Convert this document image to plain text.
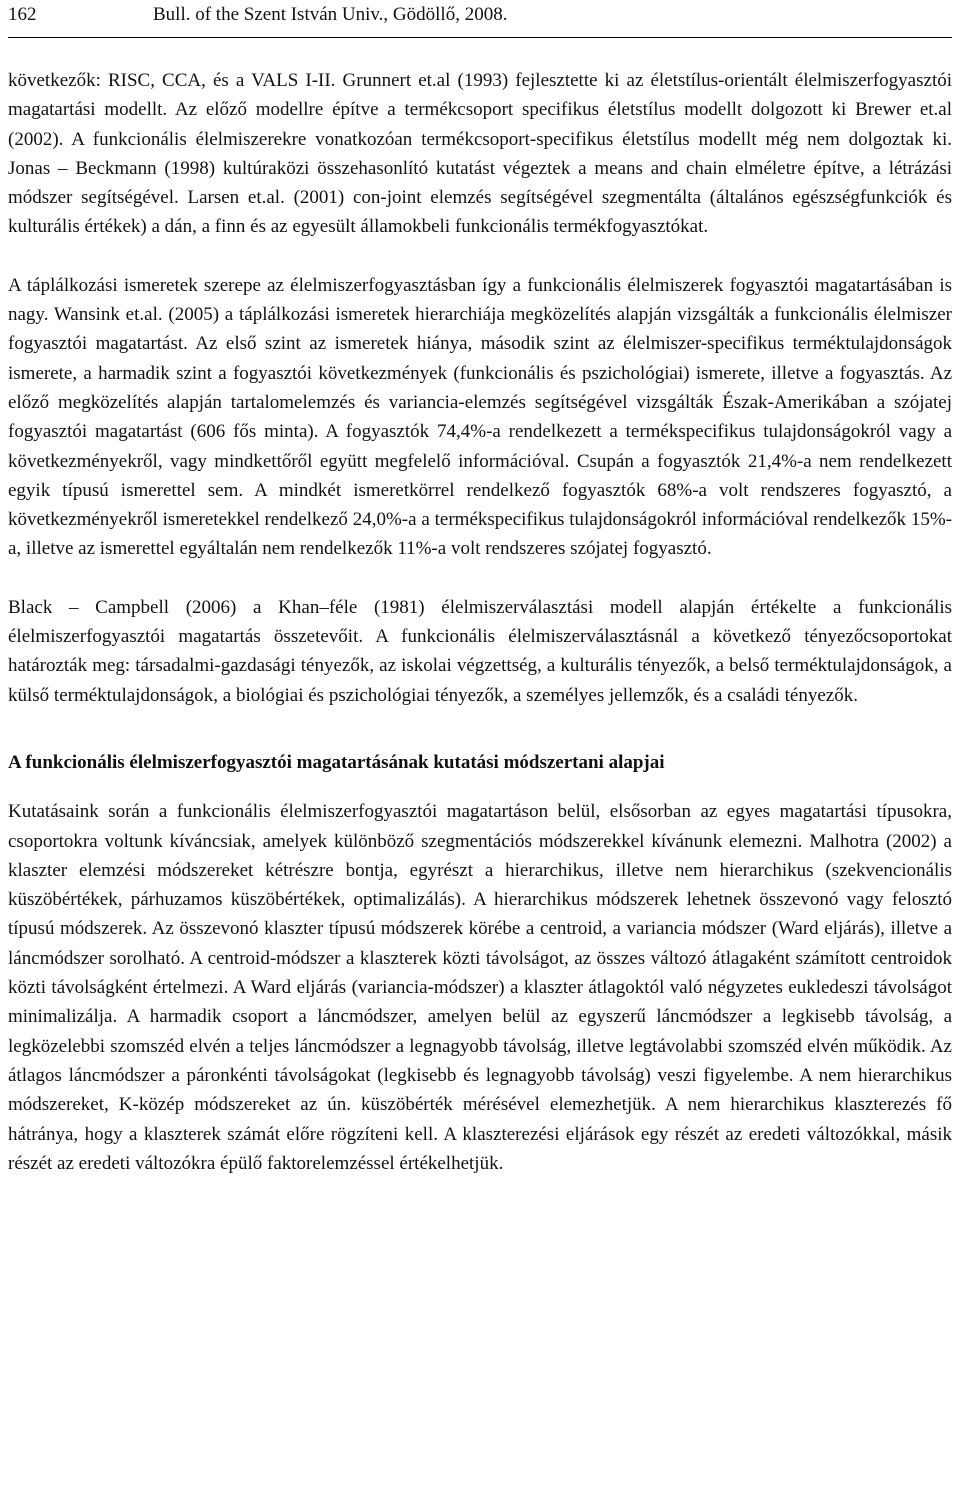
162	Bull. of the Szent István Univ., Gödöllő, 2008.

következők: RISC, CCA, és a VALS I-II. Grunnert et.al (1993) fejlesztette ki az életstílus-orientált élelmiszerfogyasztói magatartási modellt. Az előző modellre építve a termékcsoport specifikus életstílus modellt dolgozott ki Brewer et.al (2002). A funkcionális élelmiszerekre vonatkozóan termékcsoport-specifikus életstílus modellt még nem dolgoztak ki. Jonas – Beckmann (1998) kultúraközi összehasonlító kutatást végeztek a means and chain elméletre építve, a létrázási módszer segítségével. Larsen et.al. (2001) con-joint elemzés segítségével szegmentálta (általános egészségfunkciók és kulturális értékek) a dán, a finn és az egyesült államokbeli funkcionális termékfogyasztókat.

A táplálkozási ismeretek szerepe az élelmiszerfogyasztásban így a funkcionális élelmiszerek fogyasztói magatartásában is nagy. Wansink et.al. (2005) a táplálkozási ismeretek hierarchiája megközelítés alapján vizsgálták a funkcionális élelmiszer fogyasztói magatartást. Az első szint az ismeretek hiánya, második szint az élelmiszer-specifikus terméktulajdonságok ismerete, a harmadik szint a fogyasztói következmények (funkcionális és pszichológiai) ismerete, illetve a fogyasztás. Az előző megközelítés alapján tartalomelemzés és variancia-elemzés segítségével vizsgálták Észak-Amerikában a szójatej fogyasztói magatartást (606 fős minta). A fogyasztók 74,4%-a rendelkezett a termékspecifikus tulajdonságokról vagy a következményekről, vagy mindkettőről együtt megfelelő információval. Csupán a fogyasztók 21,4%-a nem rendelkezett egyik típusú ismerettel sem. A mindkét ismeretkörrel rendelkező fogyasztók 68%-a volt rendszeres fogyasztó, a következményekről ismeretekkel rendelkező 24,0%-a a termékspecifikus tulajdonságokról információval rendelkezők 15%-a, illetve az ismerettel egyáltalán nem rendelkezők 11%-a volt rendszeres szójatej fogyasztó.

Black – Campbell (2006) a Khan–féle (1981) élelmiszerválasztási modell alapján értékelte a funkcionális élelmiszerfogyasztói magatartás összetevőit. A funkcionális élelmiszerválasztásnál a következő tényezőcsoportokat határozták meg: társadalmi-gazdasági tényezők, az iskolai végzettség, a kulturális tényezők, a belső terméktulajdonságok, a külső terméktulajdonságok, a biológiai és pszichológiai tényezők, a személyes jellemzők, és a családi tényezők.

A funkcionális élelmiszerfogyasztói magatartásának kutatási módszertani alapjai

Kutatásaink során a funkcionális élelmiszerfogyasztói magatartáson belül, elsősorban az egyes magatartási típusokra, csoportokra voltunk kíváncsiak, amelyek különböző szegmentációs módszerekkel kívánunk elemezni. Malhotra (2002) a klaszter elemzési módszereket kétrészre bontja, egyrészt a hierarchikus, illetve nem hierarchikus (szekvencionális küszöbértékek, párhuzamos küszöbértékek, optimalizálás). A hierarchikus módszerek lehetnek összevonó vagy felosztó típusú módszerek. Az összevonó klaszter típusú módszerek körébe a centroid, a variancia módszer (Ward eljárás), illetve a láncmódszer sorolható. A centroid-módszer a klaszterek közti távolságot, az összes változó átlagaként számított centroidok közti távolságként értelmezi. A Ward eljárás (variancia-módszer) a klaszter átlagoktól való négyzetes eukledeszi távolságot minimalizálja. A harmadik csoport a láncmódszer, amelyen belül az egyszerű láncmódszer a legkisebb távolság, a legközelebbi szomszéd elvén a teljes láncmódszer a legnagyobb távolság, illetve legtávolabbi szomszéd elvén működik. Az átlagos láncmódszer a páronkénti távolságokat (legkisebb és legnagyobb távolság) veszi figyelembe. A nem hierarchikus módszereket, K-közép módszereket az ún. küszöbérték mérésével elemezhetjük. A nem hierarchikus klaszterezés fő hátránya, hogy a klaszterek számát előre rögzíteni kell. A klaszterezési eljárások egy részét az eredeti változókkal, másik részét az eredeti változókra épülő faktorelemzéssel értékelhetjük.
